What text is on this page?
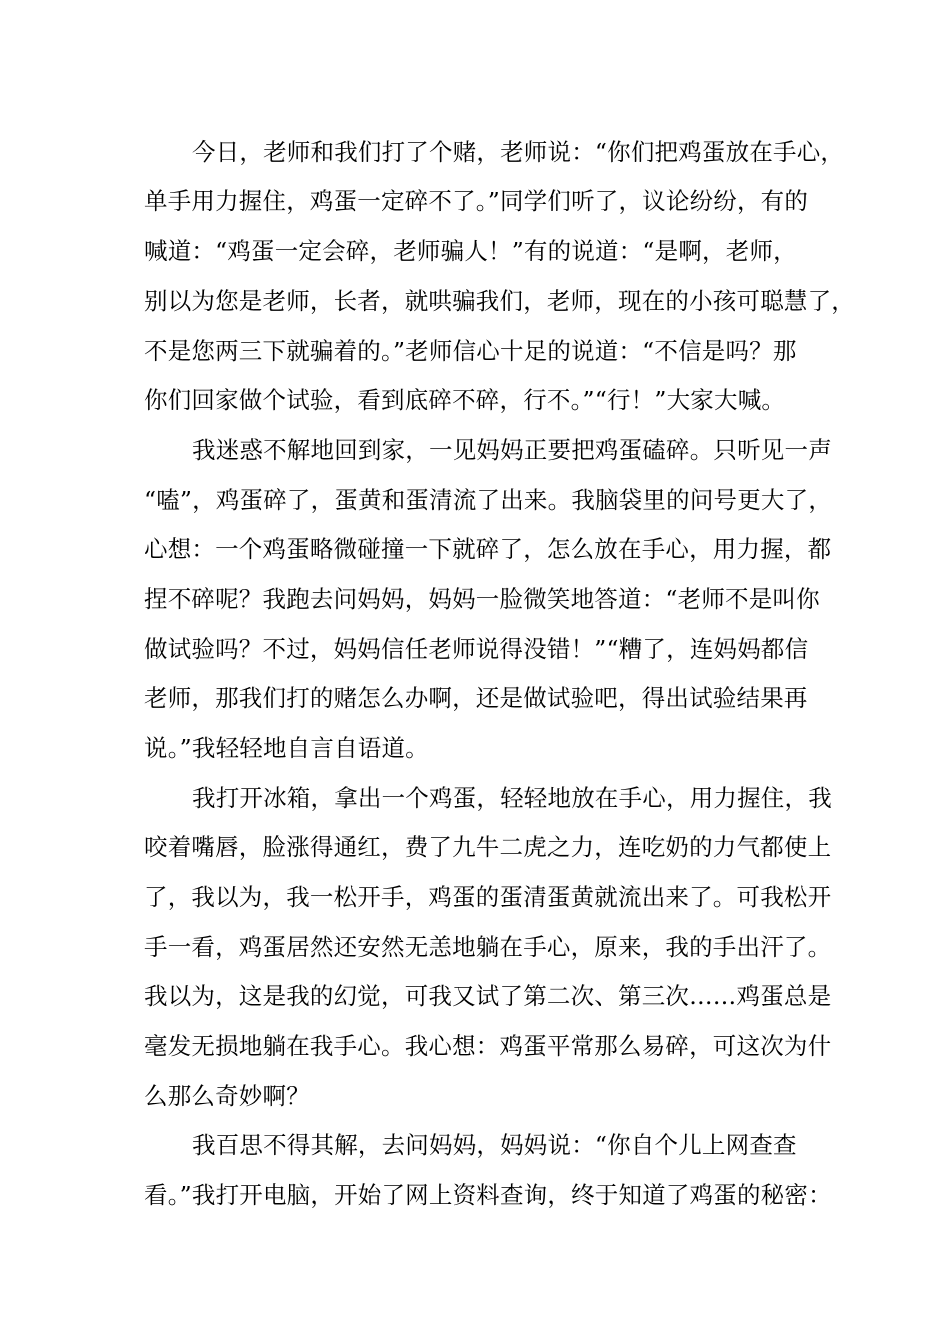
今日，老师和我们打了个赌，老师说：“你们把鸡蛋放在手心，
单手用力握住，鸡蛋一定碎不了。”同学们听了，议论纷纷，有的
喊道：“鸡蛋一定会碎，老师骗人！”有的说道：“是啊，老师，
别以为您是老师，长者，就哄骗我们，老师，现在的小孩可聪慧了，
不是您两三下就骗着的。”老师信心十足的说道：“不信是吗？那
你们回家做个试验，看到底碎不碎，行不。”“行！”大家大喊。
我迷惑不解地回到家，一见妈妈正要把鸡蛋磕碎。只听见一声
“嗑”，鸡蛋碎了，蛋黄和蛋清流了出来。我脑袋里的问号更大了，
心想：一个鸡蛋略微碰撞一下就碎了，怎么放在手心，用力握，都
捏不碎呢？我跑去问妈妈，妈妈一脸微笑地答道：“老师不是叫你
做试验吗？不过，妈妈信任老师说得没错！”“糟了，连妈妈都信
老师，那我们打的赌怎么办啊，还是做试验吧，得出试验结果再
说。”我轻轻地自言自语道。
我打开冰箱，拿出一个鸡蛋，轻轻地放在手心，用力握住，我
咬着嘴唇，脸涨得通红，费了九牛二虎之力，连吃奶的力气都使上
了，我以为，我一松开手，鸡蛋的蛋清蛋黄就流出来了。可我松开
手一看，鸡蛋居然还安然无恙地躺在手心，原来，我的手出汗了。
我以为，这是我的幻觉，可我又试了第二次、第三次……鸡蛋总是
毫发无损地躺在我手心。我心想：鸡蛋平常那么易碎，可这次为什
么那么奇妙啊？
我百思不得其解，去问妈妈，妈妈说：“你自个儿上网查查
看。”我打开电脑，开始了网上资料查询，终于知道了鸡蛋的秘密：
